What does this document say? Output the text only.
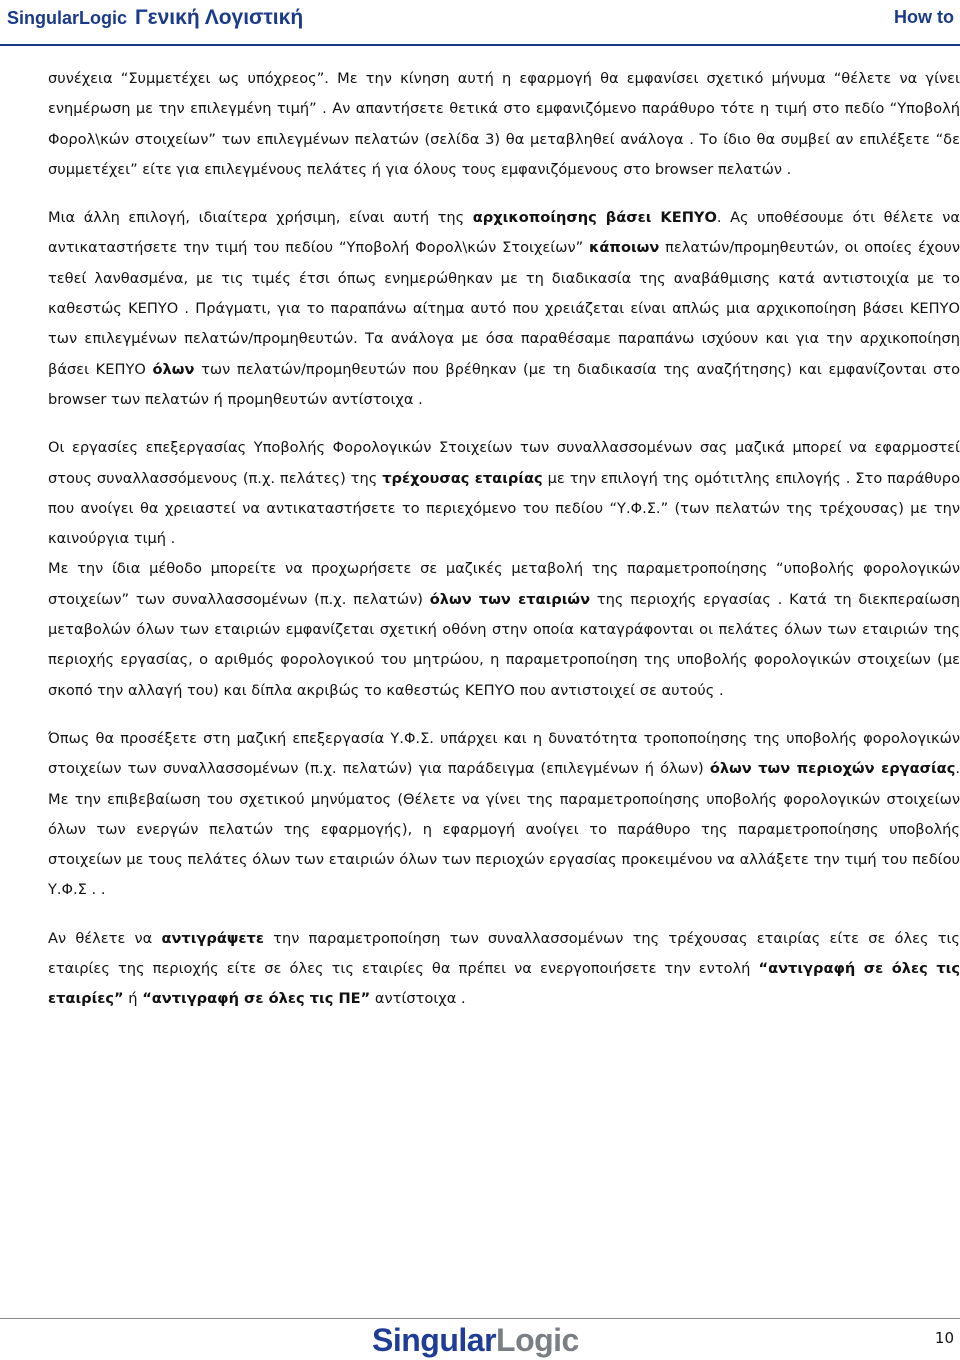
SingularLogic Γενική Λογιστική	How to

συνέχεια “Συμμετέχει ως υπόχρεος”. Με την κίνηση αυτή η εφαρμογή θα εμφανίσει σχετικό μήνυμα “θέλετε να γίνει ενημέρωση με την επιλεγμένη τιμή” . Αν απαντήσετε θετικά στο εμφανιζόμενο παράθυρο τότε η τιμή στο πεδίο “Υποβολή Φορολ\κών στοιχείων” των επιλεγμένων πελατών (σελίδα 3) θα μεταβληθεί ανάλογα . Το ίδιο θα συμβεί αν επιλέξετε “δε συμμετέχει” είτε για επιλεγμένους πελάτες ή για όλους τους εμφανιζόμενους στο browser πελατών .

Μια άλλη επιλογή, ιδιαίτερα χρήσιμη, είναι αυτή της αρχικοποίησης βάσει ΚΕΠΥΟ. Ας υποθέσουμε ότι θέλετε να αντικαταστήσετε την τιμή του πεδίου “Υποβολή Φορολ\κών Στοιχείων” κάποιων πελατών/προμηθευτών, οι οποίες έχουν τεθεί λανθασμένα, με τις τιμές έτσι όπως ενημερώθηκαν με τη διαδικασία της αναβάθμισης κατά αντιστοιχία με το καθεστώς ΚΕΠΥΟ . Πράγματι, για το παραπάνω αίτημα αυτό που χρειάζεται είναι απλώς μια αρχικοποίηση βάσει ΚΕΠΥΟ των επιλεγμένων πελατών/προμηθευτών. Τα ανάλογα με όσα παραθέσαμε παραπάνω ισχύουν και για την αρχικοποίηση βάσει ΚΕΠΥΟ όλων των πελατών/προμηθευτών που βρέθηκαν (με τη διαδικασία της αναζήτησης) και εμφανίζονται στο browser των πελατών ή προμηθευτών αντίστοιχα .

Οι εργασίες επεξεργασίας Υποβολής Φορολογικών Στοιχείων των συναλλασσομένων σας μαζικά μπορεί να εφαρμοστεί στους συναλλασσόμενους (π.χ. πελάτες) της τρέχουσας εταιρίας με την επιλογή της ομότιτλης επιλογής . Στο παράθυρο που ανοίγει θα χρειαστεί να αντικαταστήσετε το περιεχόμενο του πεδίου “Υ.Φ.Σ.” (των πελατών της τρέχουσας) με την καινούργια τιμή .
Με την ίδια μέθοδο μπορείτε να προχωρήσετε σε μαζικές μεταβολή της παραμετροποίησης “υποβολής φορολογικών στοιχείων” των συναλλασσομένων (π.χ. πελατών) όλων των εταιριών της περιοχής εργασίας . Κατά τη διεκπεραίωση μεταβολών όλων των εταιριών εμφανίζεται σχετική οθόνη στην οποία καταγράφονται οι πελάτες όλων των εταιριών της περιοχής εργασίας, ο αριθμός φορολογικού του μητρώου, η παραμετροποίηση της υποβολής φορολογικών στοιχείων (με σκοπό την αλλαγή του) και δίπλα ακριβώς το καθεστώς ΚΕΠΥΟ που αντιστοιχεί σε αυτούς .

Όπως θα προσέξετε στη μαζική επεξεργασία Υ.Φ.Σ. υπάρχει και η δυνατότητα τροποποίησης της υποβολής φορολογικών στοιχείων των συναλλασσομένων (π.χ. πελατών) για παράδειγμα (επιλεγμένων ή όλων) όλων των περιοχών εργασίας. Με την επιβεβαίωση του σχετικού μηνύματος (Θέλετε να γίνει της παραμετροποίησης υποβολής φορολογικών στοιχείων όλων των ενεργών πελατών της εφαρμογής), η εφαρμογή ανοίγει το παράθυρο της παραμετροποίησης υποβολής στοιχείων με τους πελάτες όλων των εταιριών όλων των περιοχών εργασίας προκειμένου να αλλάξετε την τιμή του πεδίου Υ.Φ.Σ . .

Αν θέλετε να αντιγράψετε την παραμετροποίηση των συναλλασσομένων της τρέχουσας εταιρίας είτε σε όλες τις εταιρίες της περιοχής είτε σε όλες τις εταιρίες θα πρέπει να ενεργοποιήσετε την εντολή “αντιγραφή σε όλες τις εταιρίες” ή “αντιγραφή σε όλες τις ΠΕ” αντίστοιχα .

SingularLogic	10
